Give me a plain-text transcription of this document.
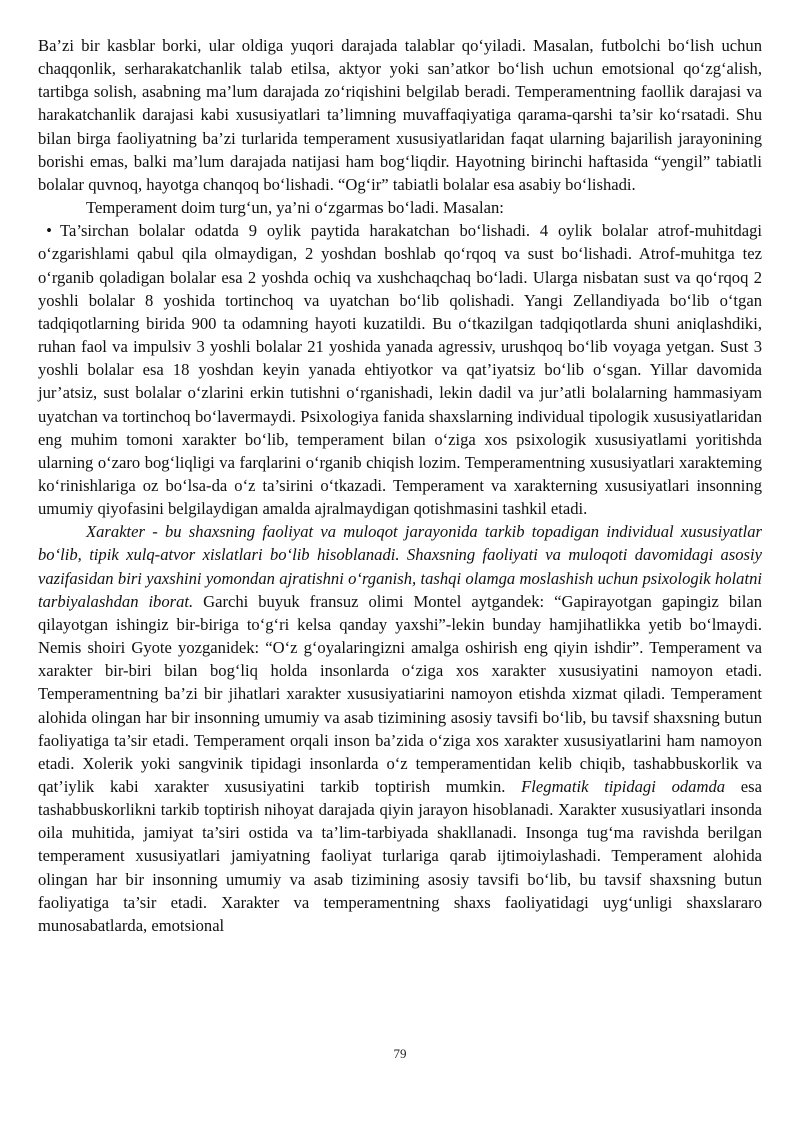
Ba’zi bir kasblar borki, ular oldiga yuqori darajada talablar qo‘yiladi. Masalan, futbolchi bo‘lish uchun chaqqonlik, serharakatchanlik talab etilsa, aktyor yoki san’atkor bo‘lish uchun emotsional qo‘zg‘alish, tartibga solish, asabning ma’lum darajada zo‘riqishini belgilab beradi. Temperamentning faollik darajasi va harakatchanlik darajasi kabi xususiyatlari ta’limning muvaffaqiyatiga qarama-qarshi ta’sir ko‘rsatadi. Shu bilan birga faoliyatning ba’zi turlarida temperament xususiyatlaridan faqat ularning bajarilish jarayonining borishi emas, balki ma’lum darajada natijasi ham bog‘liqdir. Hayotning birinchi haftasida “yengil” tabiatli bolalar quvnoq, hayotga chanqoq bo‘lishadi. “Og‘ir” tabiatli bolalar esa asabiy bo‘lishadi.

Temperament doim turg‘un, ya’ni o‘zgarmas bo‘ladi. Masalan:

• Ta’sirchan bolalar odatda 9 oylik paytida harakatchan bo‘lishadi. 4 oylik bolalar atrof-muhitdagi o‘zgarishlami qabul qila olmaydigan, 2 yoshdan boshlab qo‘rqoq va sust bo‘lishadi. Atrof-muhitga tez o‘rganib qoladigan bolalar esa 2 yoshda ochiq va xushchaqchaq bo‘ladi. Ularga nisbatan sust va qo‘rqoq 2 yoshli bolalar 8 yoshida tortinchoq va uyatchan bo‘lib qolishadi. Yangi Zellandiyada bo‘lib o‘tgan tadqiqotlarning birida 900 ta odamning hayoti kuzatildi. Bu o‘tkazilgan tadqiqotlarda shuni aniqlashdiki, ruhan faol va impulsiv 3 yoshli bolalar 21 yoshida yanada agressiv, urushqoq bo‘lib voyaga yetgan. Sust 3 yoshli bolalar esa 18 yoshdan keyin yanada ehtiyotkor va qat’iyatsiz bo‘lib o‘sgan. Yillar davomida jur’atsiz, sust bolalar o‘zlarini erkin tutishni o‘rganishadi, lekin dadil va jur’atli bolalarning hammasiyam uyatchan va tortinchoq bo‘lavermaydi. Psixologiya fanida shaxslarning individual tipologik xususiyatlaridan eng muhim tomoni xarakter bo‘lib, temperament bilan o‘ziga xos psixologik xususiyatlami yoritishda ularning o‘zaro bog‘liqligi va farqlarini o‘rganib chiqish lozim. Temperamentning xususiyatlari xarakteming ko‘rinishlariga oz bo‘lsa-da o‘z ta’sirini o‘tkazadi. Temperament va xarakterning xususiyatlari insonning umumiy qiyofasini belgilaydigan amalda ajralmaydigan qotishmasini tashkil etadi.

Xarakter - bu shaxsning faoliyat va muloqot jarayonida tarkib topadigan individual xususiyatlar bo‘lib, tipik xulq-atvor xislatlari bo‘lib hisoblanadi. Shaxsning faoliyati va muloqoti davomidagi asosiy vazifasidan biri yaxshini yomondan ajratishni o‘rganish, tashqi olamga moslashish uchun psixologik holatni tarbiyalashdan iborat. Garchi buyuk fransuz olimi Montel aytgandek: “Gapirayotgan gapingiz bilan qilayotgan ishingiz bir-biriga to‘g‘ri kelsa qanday yaxshi”-lekin bunday hamjihatlikka yetib bo‘lmaydi. Nemis shoiri Gyote yozganidek: “O‘z g‘oyalaringizni amalga oshirish eng qiyin ishdir”. Temperament va xarakter bir-biri bilan bog‘liq holda insonlarda o‘ziga xos xarakter xususiyatini namoyon etadi. Temperamentning ba’zi bir jihatlari xarakter xususiyatiarini namoyon etishda xizmat qiladi. Temperament alohida olingan har bir insonning umumiy va asab tizimining asosiy tavsifi bo‘lib, bu tavsif shaxsning butun faoliyatiga ta’sir etadi. Temperament orqali inson ba’zida o‘ziga xos xarakter xususiyatlarini ham namoyon etadi. Xolerik yoki sangvinik tipidagi insonlarda o‘z temperamentidan kelib chiqib, tashabbuskorlik va qat’iylik kabi xarakter xususiyatini tarkib toptirish mumkin. Flegmatik tipidagi odamda esa tashabbuskorlikni tarkib toptirish nihoyat darajada qiyin jarayon hisoblanadi. Xarakter xususiyatlari insonda oila muhitida, jamiyat ta’siri ostida va ta’lim-tarbiyada shakllanadi. Insonga tug‘ma ravishda berilgan temperament xususiyatlari jamiyatning faoliyat turlariga qarab ijtimoiylashadi. Temperament alohida olingan har bir insonning umumiy va asab tizimining asosiy tavsifi bo‘lib, bu tavsif shaxsning butun faoliyatiga ta’sir etadi. Xarakter va temperamentning shaxs faoliyatidagi uyg‘unligi shaxslararo munosabatlarda, emotsional

79
